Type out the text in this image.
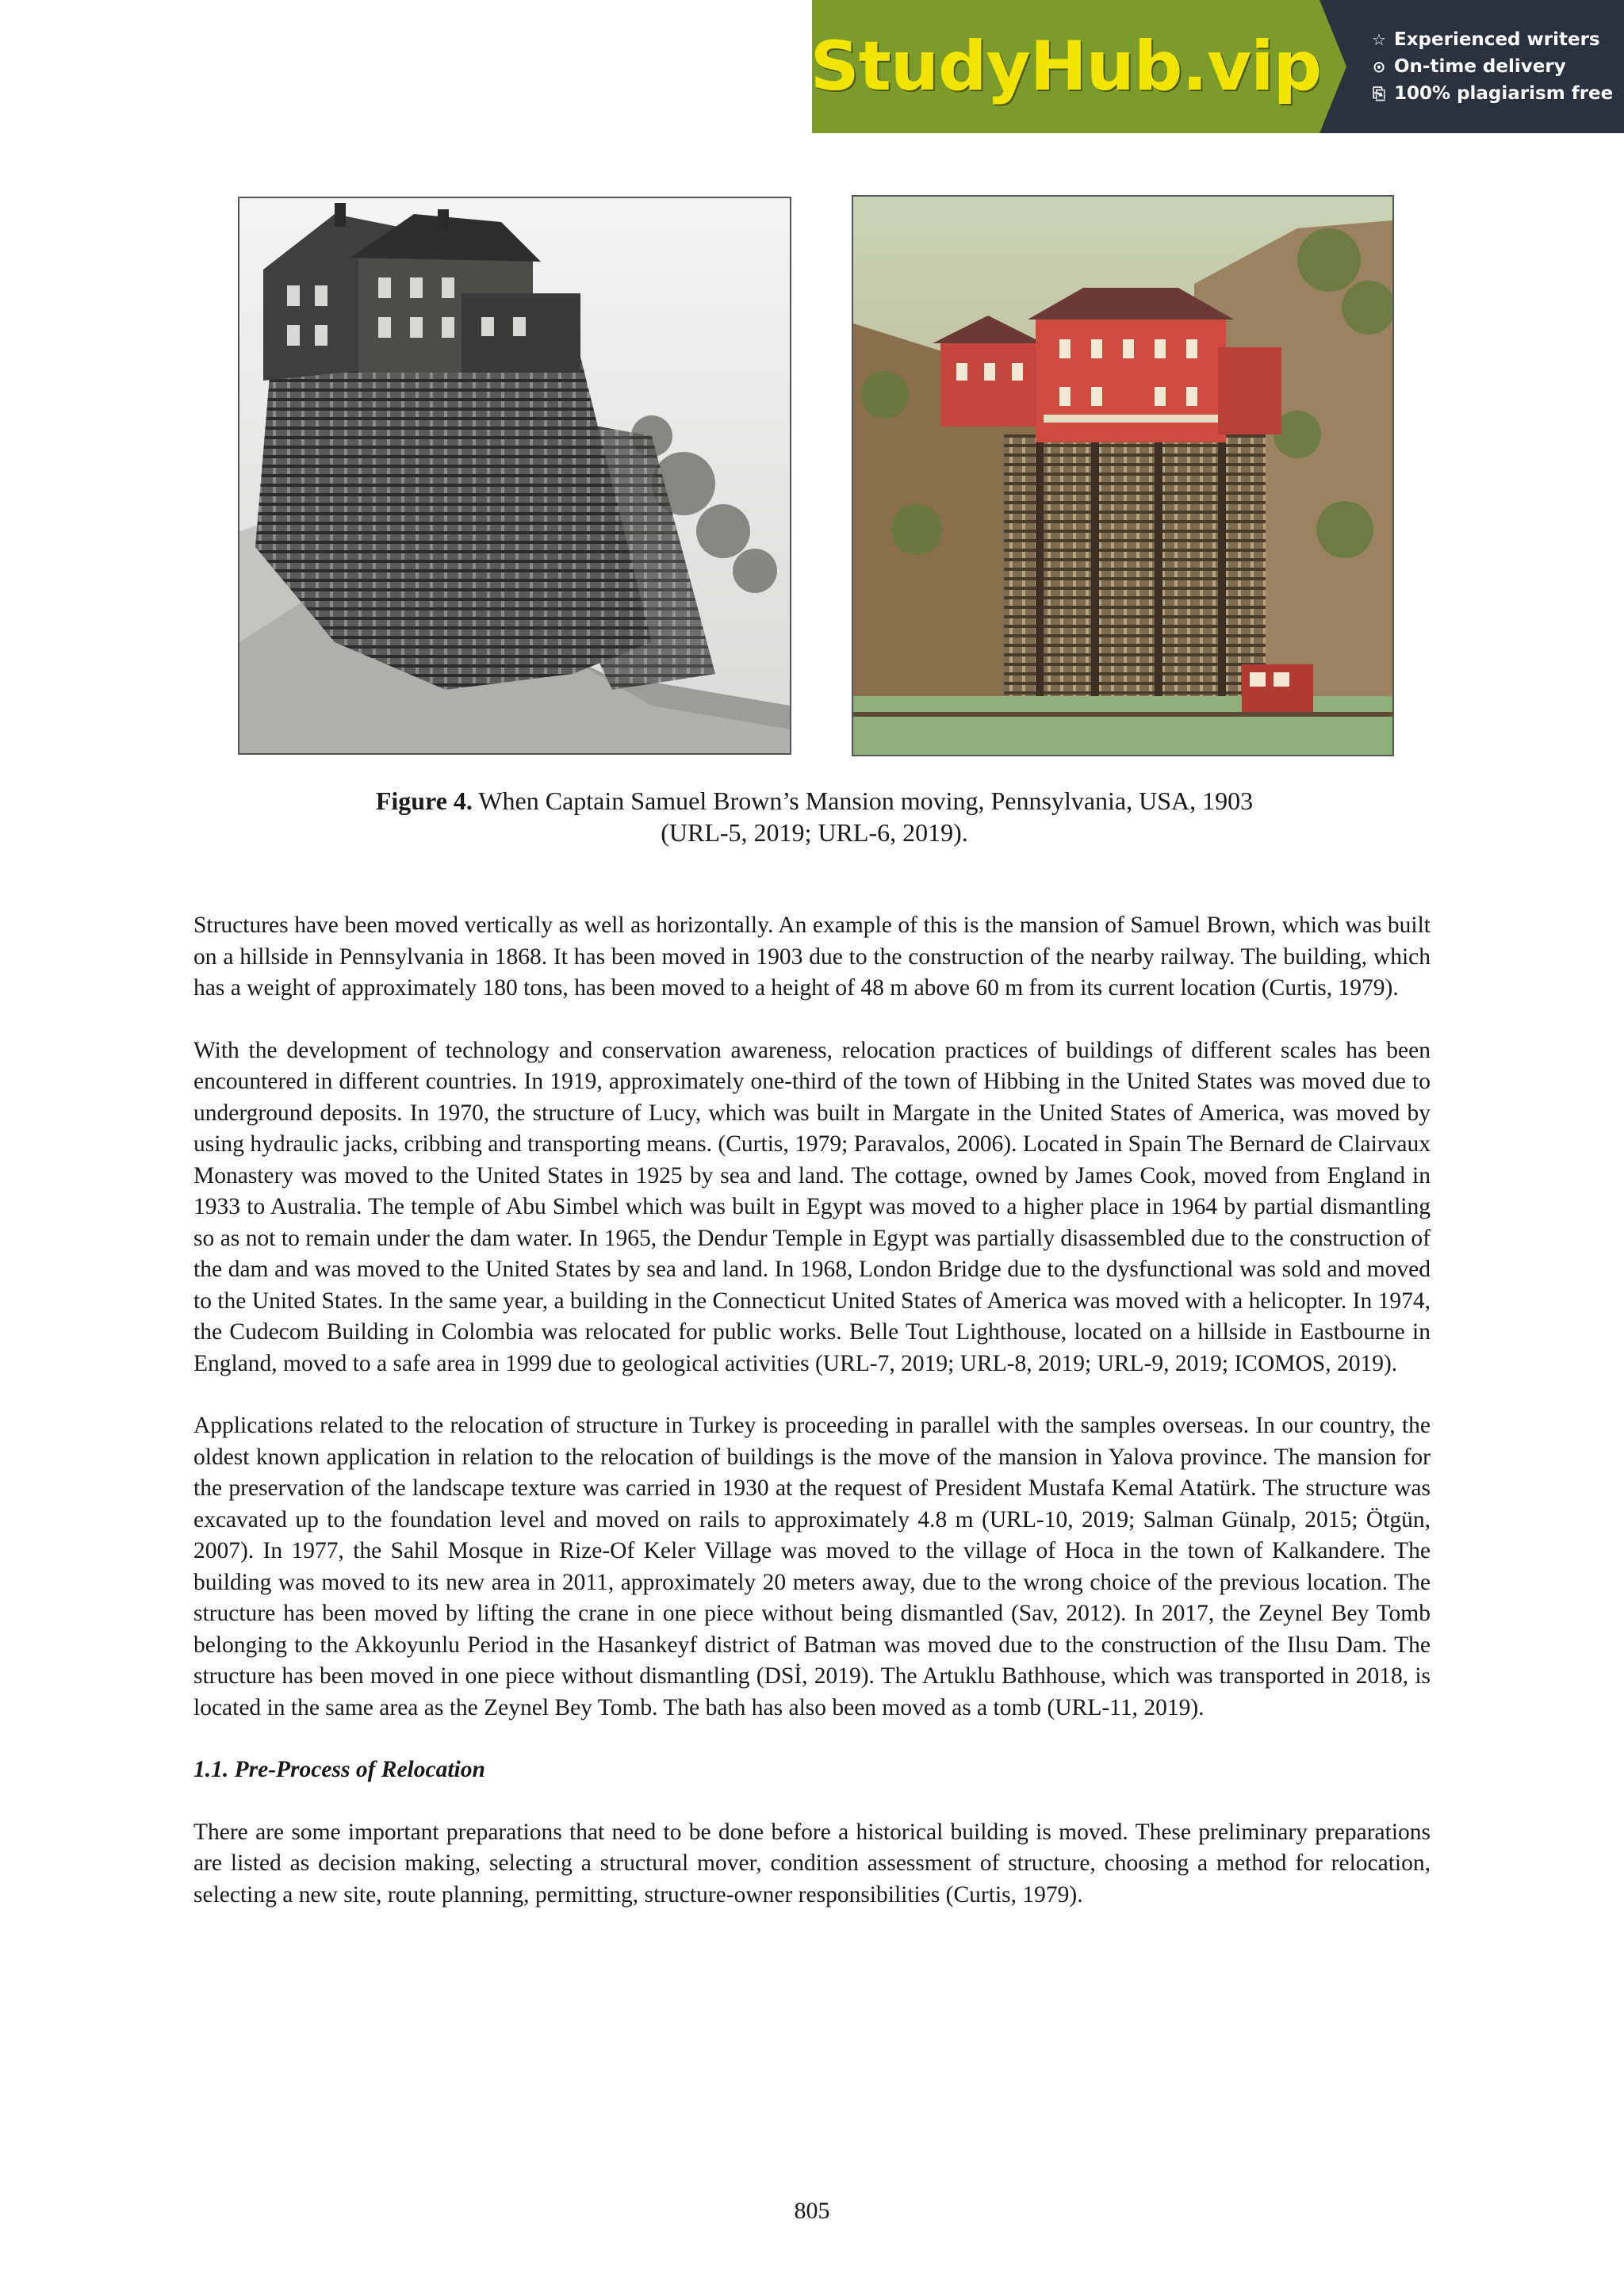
StudyHub.vip	☆ Experienced writers
⊙ On-time delivery
⎘ 100% plagiarism free
Figure 4. When Captain Samuel Brown’s Mansion moving, Pennsylvania, USA, 1903
(URL-5, 2019; URL-6, 2019).

Structures have been moved vertically as well as horizontally. An example of this is the mansion of Samuel Brown, which was built on a hillside in Pennsylvania in 1868. It has been moved in 1903 due to the construction of the nearby railway. The building, which has a weight of approximately 180 tons, has been moved to a height of 48 m above 60 m from its current location (Curtis, 1979).

With the development of technology and conservation awareness, relocation practices of buildings of different scales has been encountered in different countries. In 1919, approximately one-third of the town of Hibbing in the United States was moved due to underground deposits. In 1970, the structure of Lucy, which was built in Margate in the United States of America, was moved by using hydraulic jacks, cribbing and transporting means. (Curtis, 1979; Paravalos, 2006). Located in Spain The Bernard de Clairvaux Monastery was moved to the United States in 1925 by sea and land. The cottage, owned by James Cook, moved from England in 1933 to Australia. The temple of Abu Simbel which was built in Egypt was moved to a higher place in 1964 by partial dismantling so as not to remain under the dam water. In 1965, the Dendur Temple in Egypt was partially disassembled due to the construction of the dam and was moved to the United States by sea and land. In 1968, London Bridge due to the dysfunctional was sold and moved to the United States. In the same year, a building in the Connecticut United States of America was moved with a helicopter. In 1974, the Cudecom Building in Colombia was relocated for public works. Belle Tout Lighthouse, located on a hillside in Eastbourne in England, moved to a safe area in 1999 due to geological activities (URL-7, 2019; URL-8, 2019; URL-9, 2019; ICOMOS, 2019).

Applications related to the relocation of structure in Turkey is proceeding in parallel with the samples overseas. In our country, the oldest known application in relation to the relocation of buildings is the move of the mansion in Yalova province. The mansion for the preservation of the landscape texture was carried in 1930 at the request of President Mustafa Kemal Atatürk. The structure was excavated up to the foundation level and moved on rails to approximately 4.8 m (URL-10, 2019; Salman Günalp, 2015; Ötgün, 2007). In 1977, the Sahil Mosque in Rize-Of Keler Village was moved to the village of Hoca in the town of Kalkandere. The building was moved to its new area in 2011, approximately 20 meters away, due to the wrong choice of the previous location. The structure has been moved by lifting the crane in one piece without being dismantled (Sav, 2012). In 2017, the Zeynel Bey Tomb belonging to the Akkoyunlu Period in the Hasankeyf district of Batman was moved due to the construction of the Ilısu Dam. The structure has been moved in one piece without dismantling (DSİ, 2019). The Artuklu Bathhouse, which was transported in 2018, is located in the same area as the Zeynel Bey Tomb. The bath has also been moved as a tomb (URL-11, 2019).

1.1. Pre-Process of Relocation

There are some important preparations that need to be done before a historical building is moved. These preliminary preparations are listed as decision making, selecting a structural mover, condition assessment of structure, choosing a method for relocation, selecting a new site, route planning, permitting, structure-owner responsibilities (Curtis, 1979).

805
